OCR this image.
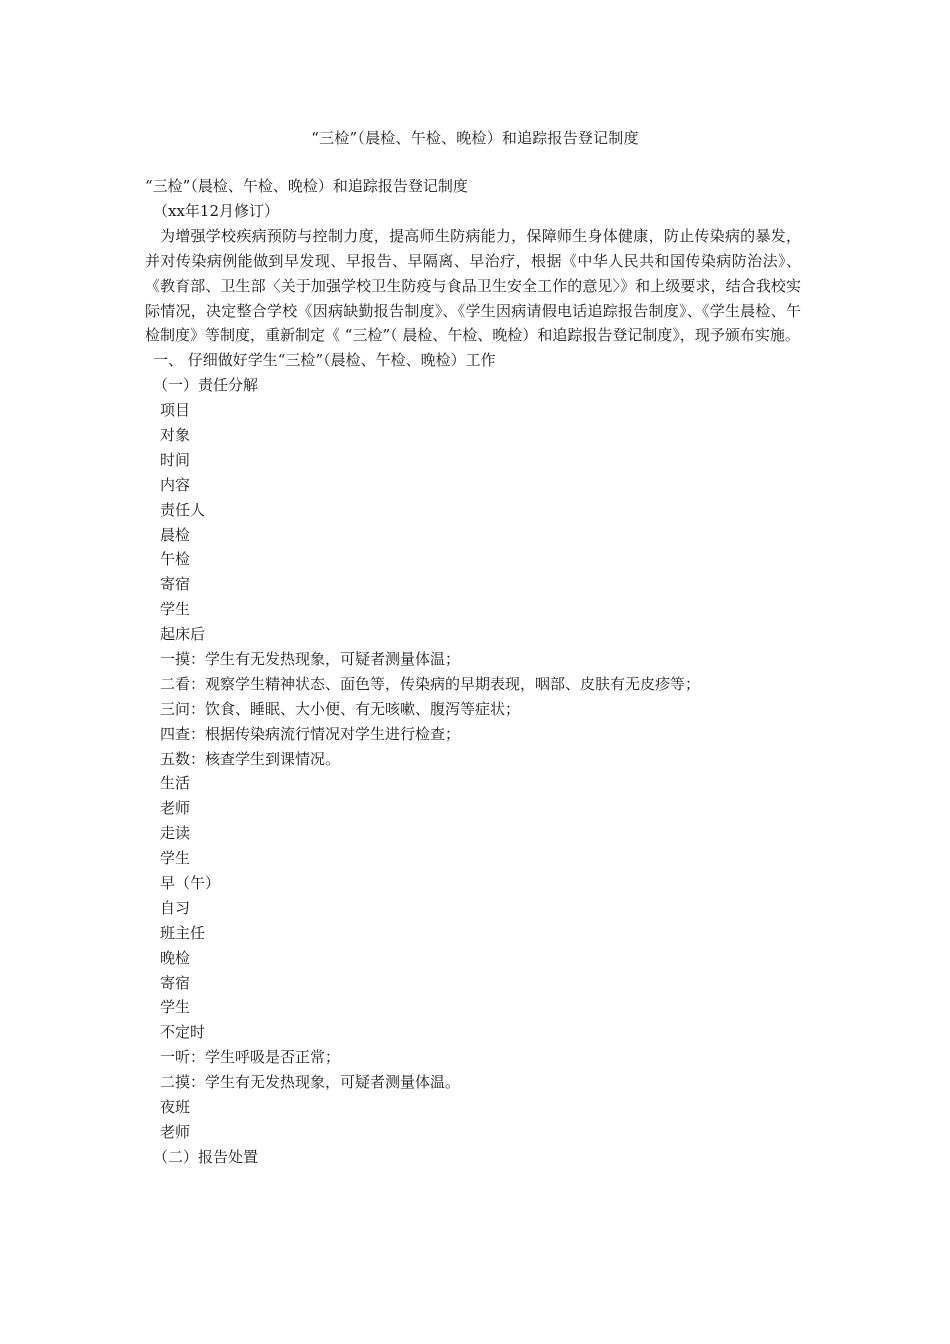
“三检”（晨检、午检、晚检）和追踪报告登记制度
“三检”（晨检、午检、晚检）和追踪报告登记制度
（xx年12月修订）
为增强学校疾病预防与控制力度，提高师生防病能力，保障师生身体健康，防止传染病的暴发，并对传染病例能做到早发现、早报告、早隔离、早治疗，根据《中华人民共和国传染病防治法》、《教育部、卫生部〈关于加强学校卫生防疫与食品卫生安全工作的意见〉》和上级要求，结合我校实际情况，决定整合学校《因病缺勤报告制度》、《学生因病请假电话追踪报告制度》、《学生晨检、午检制度》等制度，重新制定《 “三检”（ 晨检、午检、晚检）和追踪报告登记制度》，现予颁布实施。
一、 仔细做好学生“三检”（晨检、午检、晚检）工作
（一）责任分解
项目
对象
时间
内容
责任人
晨检
午检
寄宿
学生
起床后
一摸：学生有无发热现象，可疑者测量体温；
二看：观察学生精神状态、面色等，传染病的早期表现，咽部、皮肤有无皮疹等；
三问：饮食、睡眠、大小便、有无咳嗽、腹泻等症状；
四查：根据传染病流行情况对学生进行检查；
五数：核查学生到课情况。
生活
老师
走读
学生
早（午）
自习
班主任
晚检
寄宿
学生
不定时
一听：学生呼吸是否正常；
二摸：学生有无发热现象，可疑者测量体温。
夜班
老师
（二）报告处置
